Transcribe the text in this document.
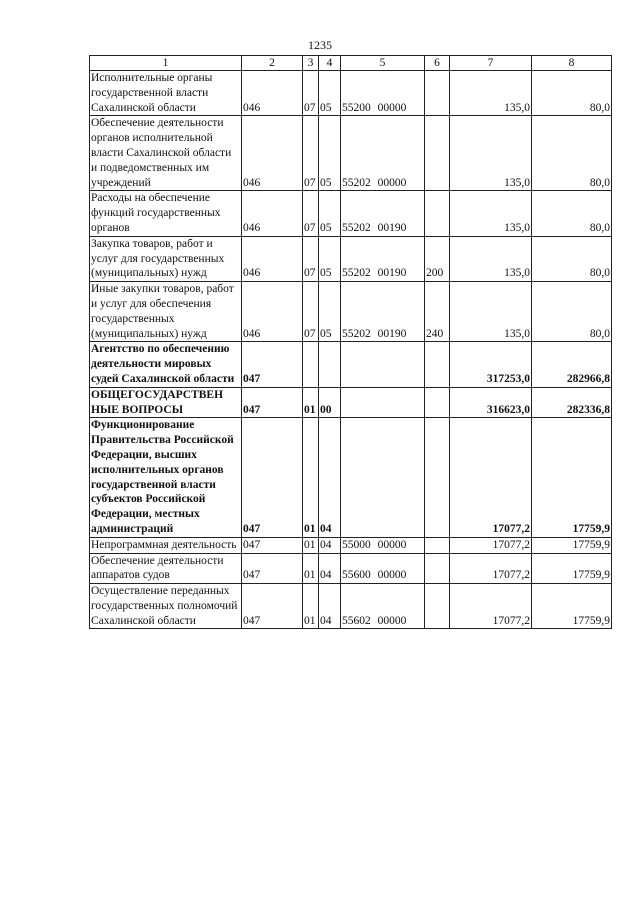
1235
1	2	3	4	5	6	7	8
Исполнительные органы государственной власти Сахалинской области	046	07	05	55200 00000		135,0	80,0
Обеспечение деятельности органов исполнительной власти Сахалинской области и подведомственных им учреждений	046	07	05	55202 00000		135,0	80,0
Расходы на обеспечение функций государственных органов	046	07	05	55202 00190		135,0	80,0
Закупка товаров, работ и услуг для государственных (муниципальных) нужд	046	07	05	55202 00190	200	135,0	80,0
Иные закупки товаров, работ и услуг для обеспечения государственных (муниципальных) нужд	046	07	05	55202 00190	240	135,0	80,0
Агентство по обеспечению деятельности мировых судей Сахалинской области	047					317253,0	282966,8
ОБЩЕГОСУДАРСТВЕН НЫЕ ВОПРОСЫ	047	01	00			316623,0	282336,8
Функционирование Правительства Российской Федерации, высших исполнительных органов государственной власти субъектов Российской Федерации, местных администраций	047	01	04			17077,2	17759,9
Непрограммная деятельность	047	01	04	55000 00000		17077,2	17759,9
Обеспечение деятельности аппаратов судов	047	01	04	55600 00000		17077,2	17759,9
Осуществление переданных государственных полномочий Сахалинской области	047	01	04	55602 00000		17077,2	17759,9
